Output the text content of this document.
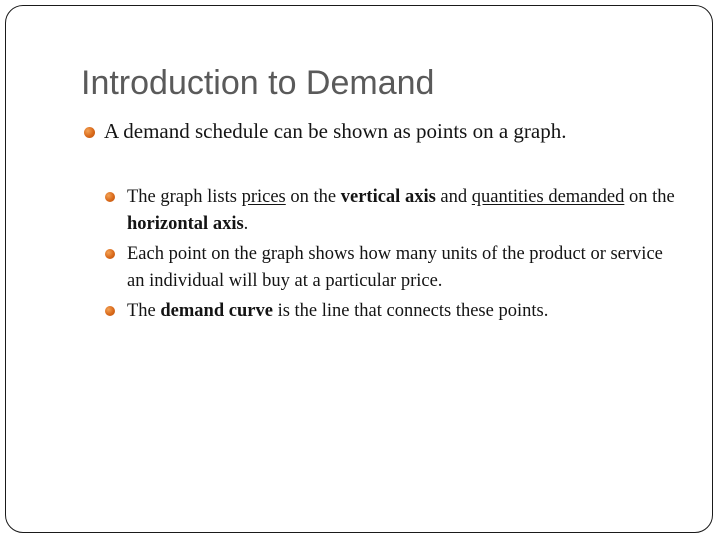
Introduction to Demand
A demand schedule can be shown as points on a graph.
The graph lists prices on the vertical axis and quantities demanded on the horizontal axis.
Each point on the graph shows how many units of the product or service an individual will buy at a particular price.
The demand curve is the line that connects these points.
